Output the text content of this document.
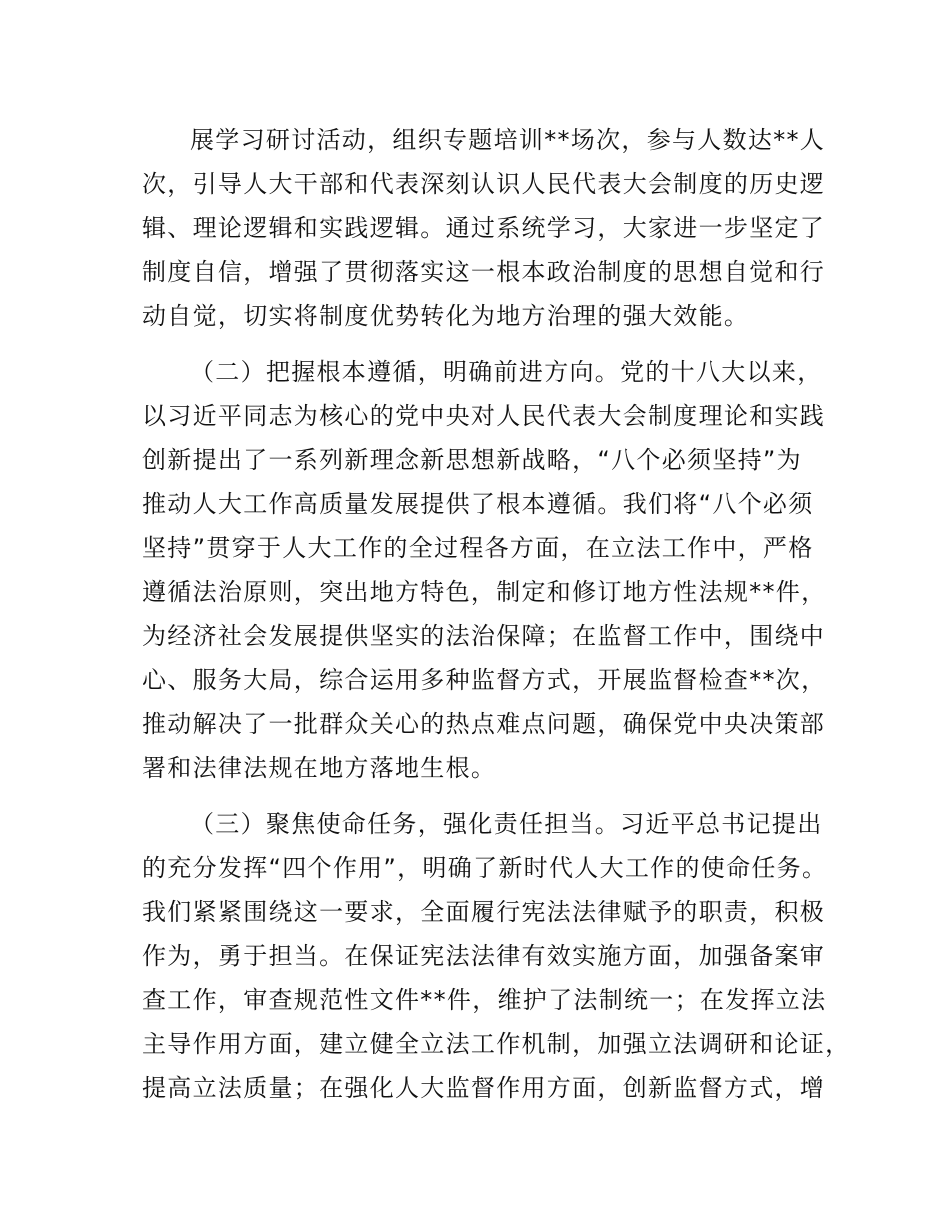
展学习研讨活动，组织专题培训**场次，参与人数达**人
次，引导人大干部和代表深刻认识人民代表大会制度的历史逻
辑、理论逻辑和实践逻辑。通过系统学习，大家进一步坚定了
制度自信，增强了贯彻落实这一根本政治制度的思想自觉和行
动自觉，切实将制度优势转化为地方治理的强大效能。
（二）把握根本遵循，明确前进方向。党的十八大以来，
以习近平同志为核心的党中央对人民代表大会制度理论和实践
创新提出了一系列新理念新思想新战略，“八个必须坚持”为
推动人大工作高质量发展提供了根本遵循。我们将“八个必须
坚持”贯穿于人大工作的全过程各方面，在立法工作中，严格
遵循法治原则，突出地方特色，制定和修订地方性法规**件，
为经济社会发展提供坚实的法治保障；在监督工作中，围绕中
心、服务大局，综合运用多种监督方式，开展监督检查**次，
推动解决了一批群众关心的热点难点问题，确保党中央决策部
署和法律法规在地方落地生根。
（三）聚焦使命任务，强化责任担当。习近平总书记提出
的充分发挥“四个作用”，明确了新时代人大工作的使命任务。
我们紧紧围绕这一要求，全面履行宪法法律赋予的职责，积极
作为，勇于担当。在保证宪法法律有效实施方面，加强备案审
查工作，审查规范性文件**件，维护了法制统一；在发挥立法
主导作用方面，建立健全立法工作机制，加强立法调研和论证，
提高立法质量；在强化人大监督作用方面，创新监督方式，增
